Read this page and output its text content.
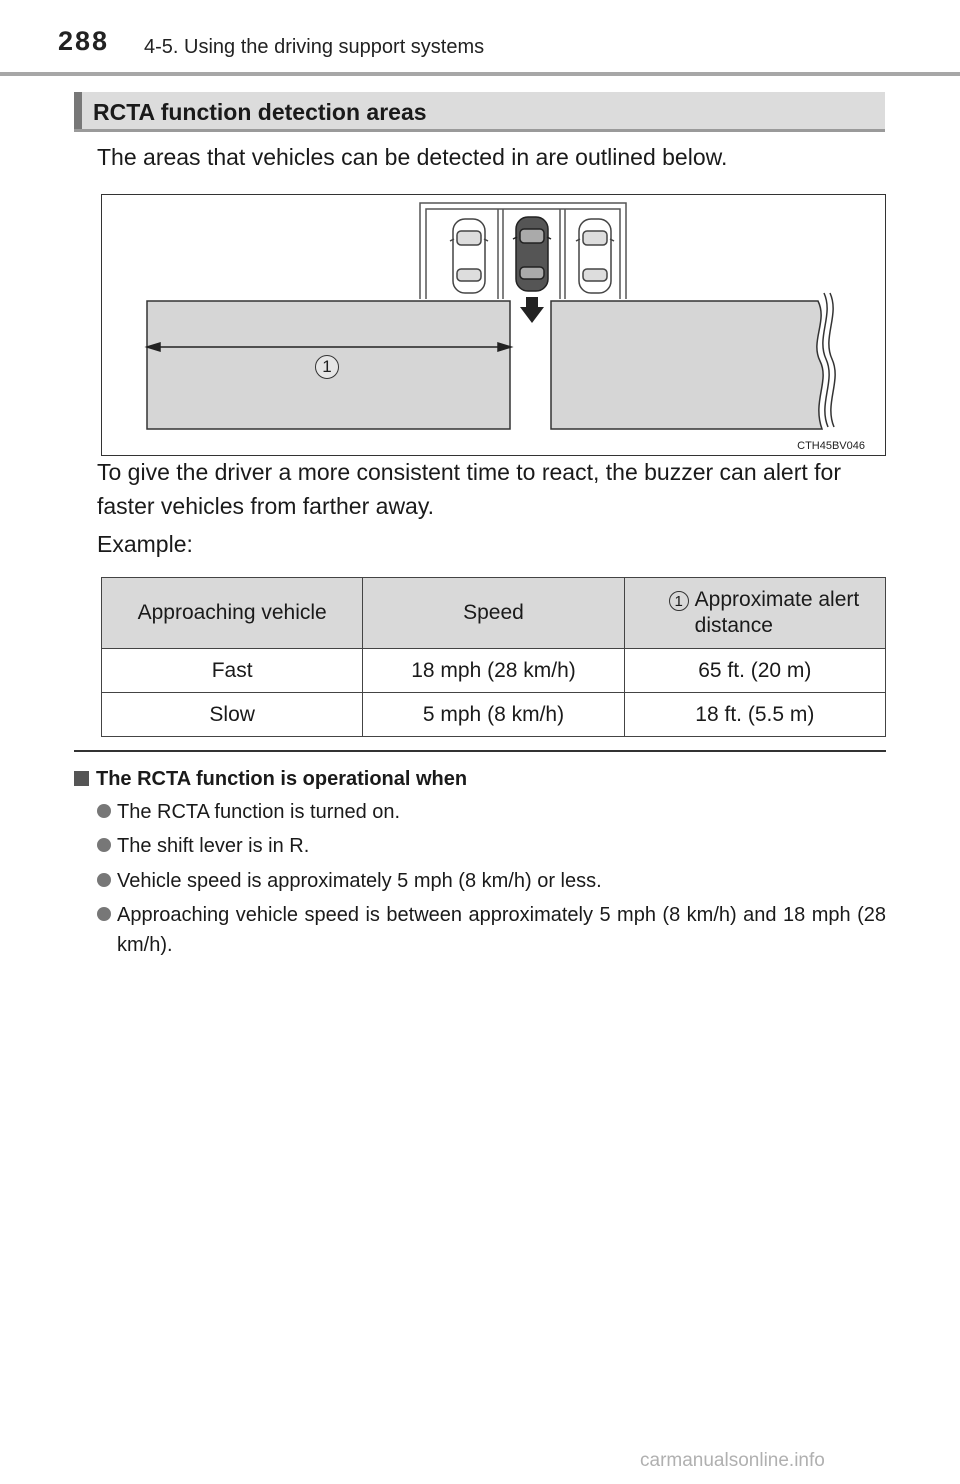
288 4-5. Using the driving support systems
RCTA function detection areas

The areas that vehicles can be detected in are outlined below.

1
CTH45BV046

To give the driver a more consistent time to react, the buzzer can alert for faster vehicles from farther away.

Example:

Approaching vehicle	Speed	1 Approximate alert distance

Fast	18 mph (28 km/h)	65 ft. (20 m)
Slow	5 mph (8 km/h)	18 ft. (5.5 m)
The RCTA function is operational when
The RCTA function is turned on.
The shift lever is in R.
Vehicle speed is approximately 5 mph (8 km/h) or less.
Approaching vehicle speed is between approximately 5 mph (8 km/h) and 18 mph (28 km/h).
carmanualsonline.info
